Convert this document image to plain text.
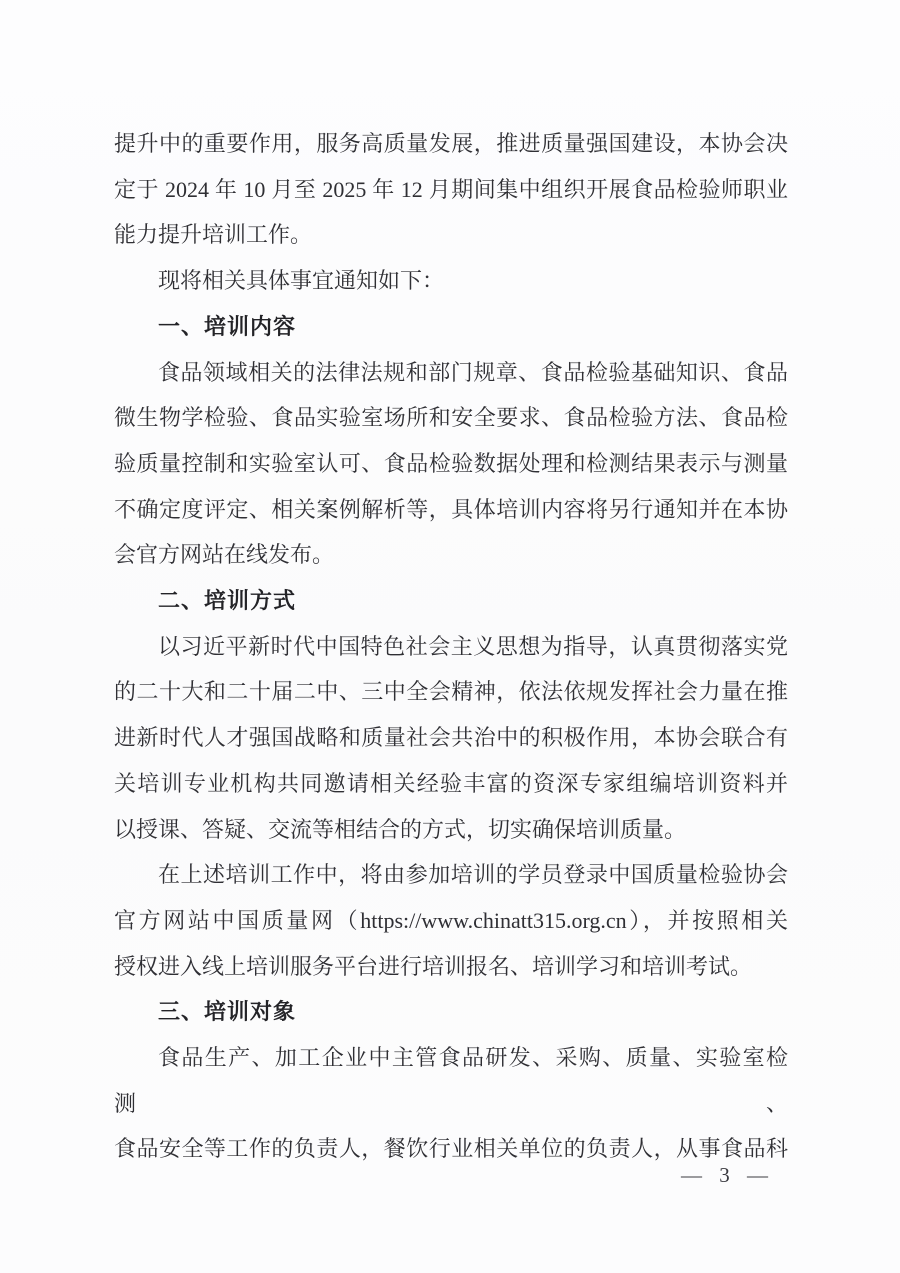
提升中的重要作用，服务高质量发展，推进质量强国建设，本协会决
定于 2024 年 10 月至 2025 年 12 月期间集中组织开展食品检验师职业
能力提升培训工作。
现将相关具体事宜通知如下：
一、培训内容
食品领域相关的法律法规和部门规章、食品检验基础知识、食品
微生物学检验、食品实验室场所和安全要求、食品检验方法、食品检
验质量控制和实验室认可、食品检验数据处理和检测结果表示与测量
不确定度评定、相关案例解析等，具体培训内容将另行通知并在本协
会官方网站在线发布。
二、培训方式
以习近平新时代中国特色社会主义思想为指导，认真贯彻落实党
的二十大和二十届二中、三中全会精神，依法依规发挥社会力量在推
进新时代人才强国战略和质量社会共治中的积极作用，本协会联合有
关培训专业机构共同邀请相关经验丰富的资深专家组编培训资料并
以授课、答疑、交流等相结合的方式，切实确保培训质量。
在上述培训工作中，将由参加培训的学员登录中国质量检验协会
官方网站中国质量网（https://www.chinatt315.org.cn），并按照相关
授权进入线上培训服务平台进行培训报名、培训学习和培训考试。
三、培训对象
食品生产、加工企业中主管食品研发、采购、质量、实验室检测、
食品安全等工作的负责人，餐饮行业相关单位的负责人，从事食品科
— 3 —
